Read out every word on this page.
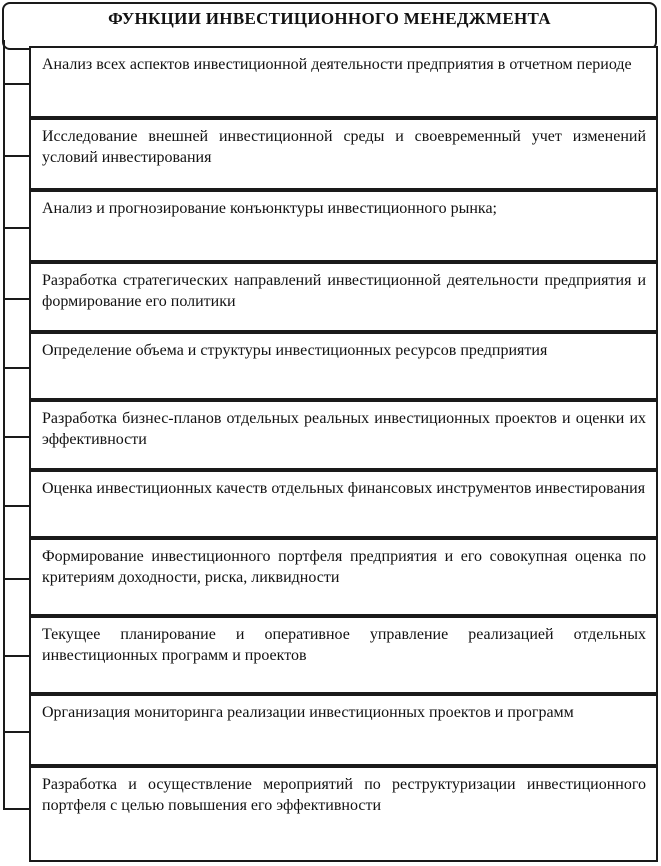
ФУНКЦИИ ИНВЕСТИЦИОННОГО МЕНЕДЖМЕНТА
Анализ всех аспектов инвестиционной деятельности предприятия в отчетном периоде
Исследование внешней инвестиционной среды и своевременный учет изменений условий инвестирования
Анализ и прогнозирование конъюнктуры инвестиционного рынка;
Разработка стратегических направлений инвестиционной деятельности предприятия и формирование его политики
Определение объема и структуры инвестиционных ресурсов предприятия
Разработка бизнес-планов отдельных реальных инвестиционных проектов и оценки их эффективности
Оценка инвестиционных качеств отдельных финансовых инструментов инвестирования
Формирование инвестиционного портфеля предприятия и его совокупная оценка по критериям доходности, риска, ликвидности
Текущее планирование и оперативное управление реализацией отдельных инвестиционных программ и проектов
Организация мониторинга реализации инвестиционных проектов и программ
Разработка и осуществление мероприятий по реструктуризации инвестиционного портфеля с целью повышения его эффективности
